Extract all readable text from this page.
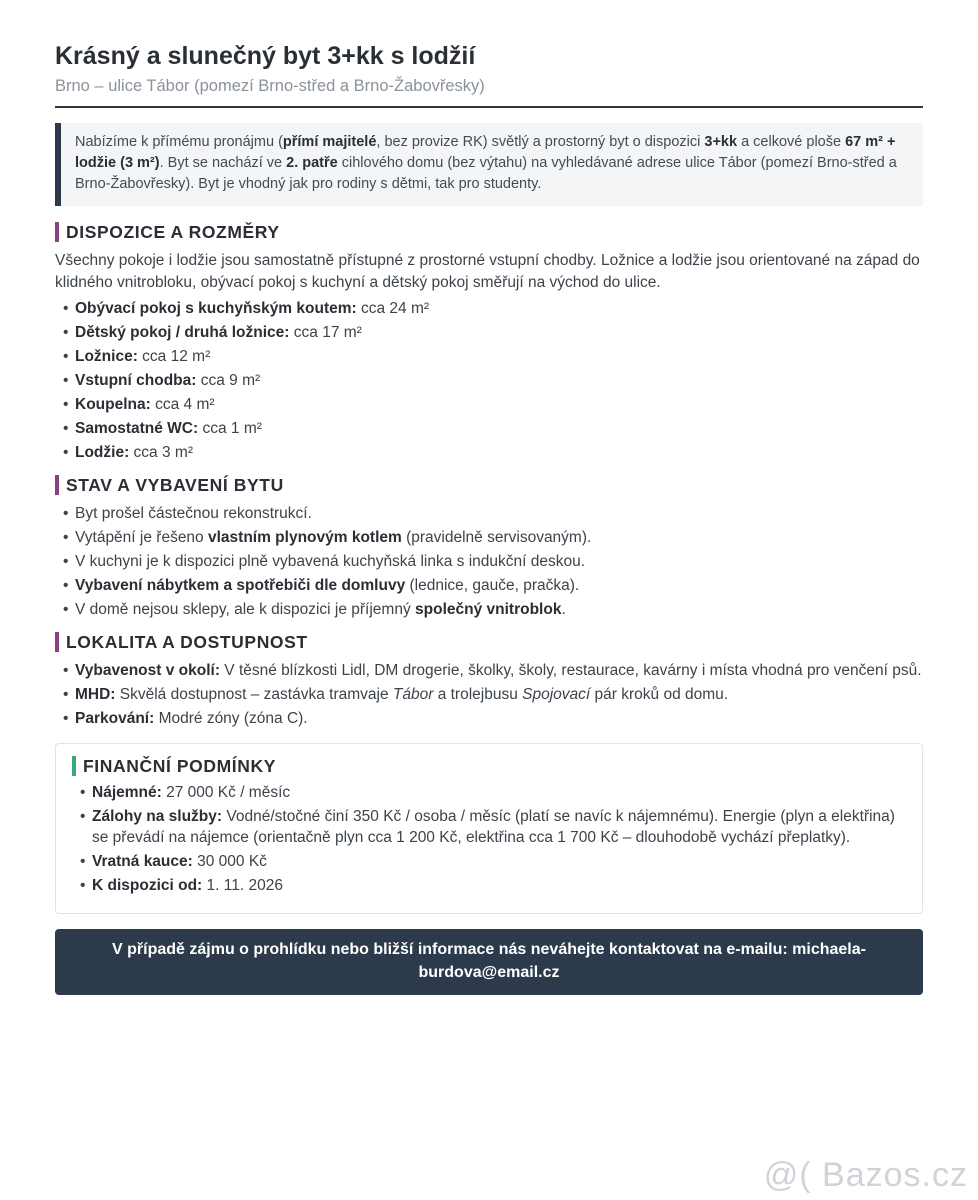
Krásný a slunečný byt 3+kk s lodžií
Brno – ulice Tábor (pomezí Brno-střed a Brno-Žabovřesky)
Nabízíme k přímému pronájmu (přímí majitelé, bez provize RK) světlý a prostorný byt o dispozici 3+kk a celkové ploše 67 m² + lodžie (3 m²). Byt se nachází ve 2. patře cihlového domu (bez výtahu) na vyhledávané adrese ulice Tábor (pomezí Brno-střed a Brno-Žabovřesky). Byt je vhodný jak pro rodiny s dětmi, tak pro studenty.
DISPOZICE A ROZMĚRY
Všechny pokoje i lodžie jsou samostatně přístupné z prostorné vstupní chodby. Ložnice a lodžie jsou orientované na západ do klidného vnitrobloku, obývací pokoj s kuchyní a dětský pokoj směřují na východ do ulice.
• Obývací pokoj s kuchyňským koutem: cca 24 m²
• Dětský pokoj / druhá ložnice: cca 17 m²
• Ložnice: cca 12 m²
• Vstupní chodba: cca 9 m²
• Koupelna: cca 4 m²
• Samostatné WC: cca 1 m²
• Lodžie: cca 3 m²
STAV A VYBAVENÍ BYTU
• Byt prošel částečnou rekonstrukcí.
• Vytápění je řešeno vlastním plynovým kotlem (pravidelně servisovaným).
• V kuchyni je k dispozici plně vybavená kuchyňská linka s indukční deskou.
• Vybavení nábytkem a spotřebiči dle domluvy (lednice, gauče, pračka).
• V domě nejsou sklepy, ale k dispozici je příjemný společný vnitroblok.
LOKALITA A DOSTUPNOST
• Vybavenost v okolí: V těsné blízkosti Lidl, DM drogerie, školky, školy, restaurace, kavárny i místa vhodná pro venčení psů.
• MHD: Skvělá dostupnost – zastávka tramvaje Tábor a trolejbusu Spojovací pár kroků od domu.
• Parkování: Modré zóny (zóna C).
FINANČNÍ PODMÍNKY
• Nájemné: 27 000 Kč / měsíc
• Zálohy na služby: Vodné/stočné činí 350 Kč / osoba / měsíc (platí se navíc k nájemnému). Energie (plyn a elektřina) se převádí na nájemce (orientačně plyn cca 1 200 Kč, elektřina cca 1 700 Kč – dlouhodobě vychází přeplatky).
• Vratná kauce: 30 000 Kč
• K dispozici od: 1. 11. 2026
V případě zájmu o prohlídku nebo bližší informace nás neváhejte kontaktovat na e-mailu: michaela-burdova@email.cz
@( Bazos.cz
